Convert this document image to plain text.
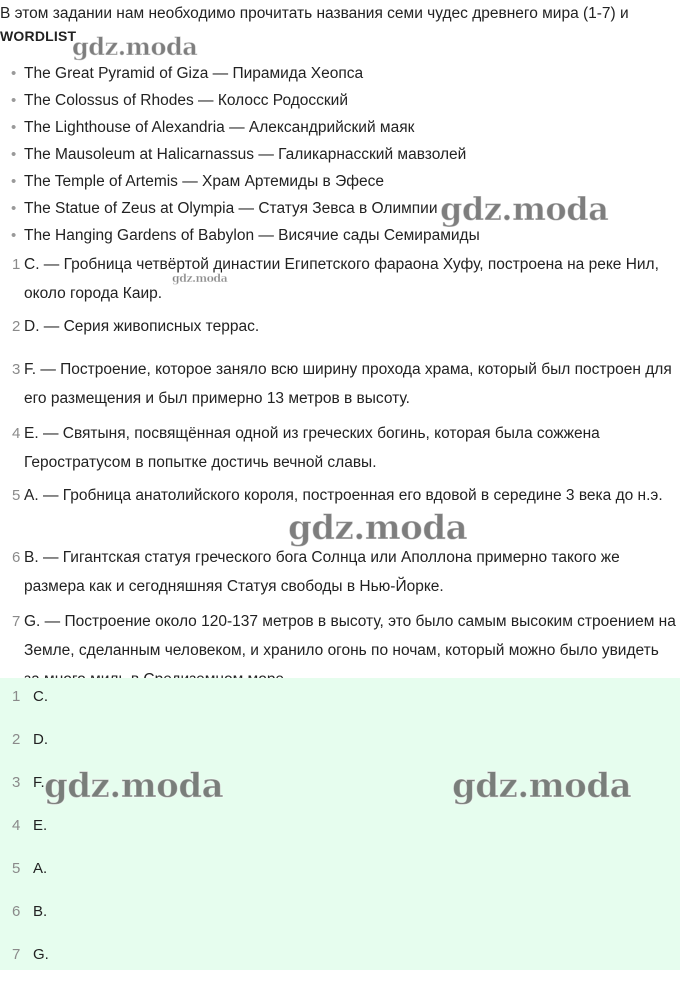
В этом задании нам необходимо прочитать названия семи чудес древнего мира (1-7) и
WORDLIST
• The Great Pyramid of Giza — Пирамида Хеопса
• The Colossus of Rhodes — Колосс Родосский
• The Lighthouse of Alexandria — Александрийский маяк
• The Mausoleum at Halicarnassus — Галикарнасский мавзолей
• The Temple of Artemis — Храм Артемиды в Эфесе
• The Statue of Zeus at Olympia — Статуя Зевса в Олимпии
• The Hanging Gardens of Babylon — Висячие сады Семирамиды
1 C. — Гробница четвёртой династии Египетского фараона Хуфу, построена на реке Нил, около города Каир.
2 D. — Серия живописных террас.
3 F. — Построение, которое заняло всю ширину прохода храма, который был построен для его размещения и был примерно 13 метров в высоту.
4 E. — Святыня, посвящённая одной из греческих богинь, которая была сожжена Геростратусом в попытке достичь вечной славы.
5 A. — Гробница анатолийского короля, построенная его вдовой в середине 3 века до н.э.
6 B. — Гигантская статуя греческого бога Солнца или Аполлона примерно такого же размера как и сегодняшняя Статуя свободы в Нью-Йорке.
7 G. — Построение около 120-137 метров в высоту, это было самым высоким строением на Земле, сделанным человеком, и хранило огонь по ночам, который можно было увидеть
1 C.
2 D.
3 F.
4 E.
5 A.
6 B.
7 G.
gdz.moda
gdz.moda
gdz.moda
gdz.moda
gdz.moda	gdz.moda
